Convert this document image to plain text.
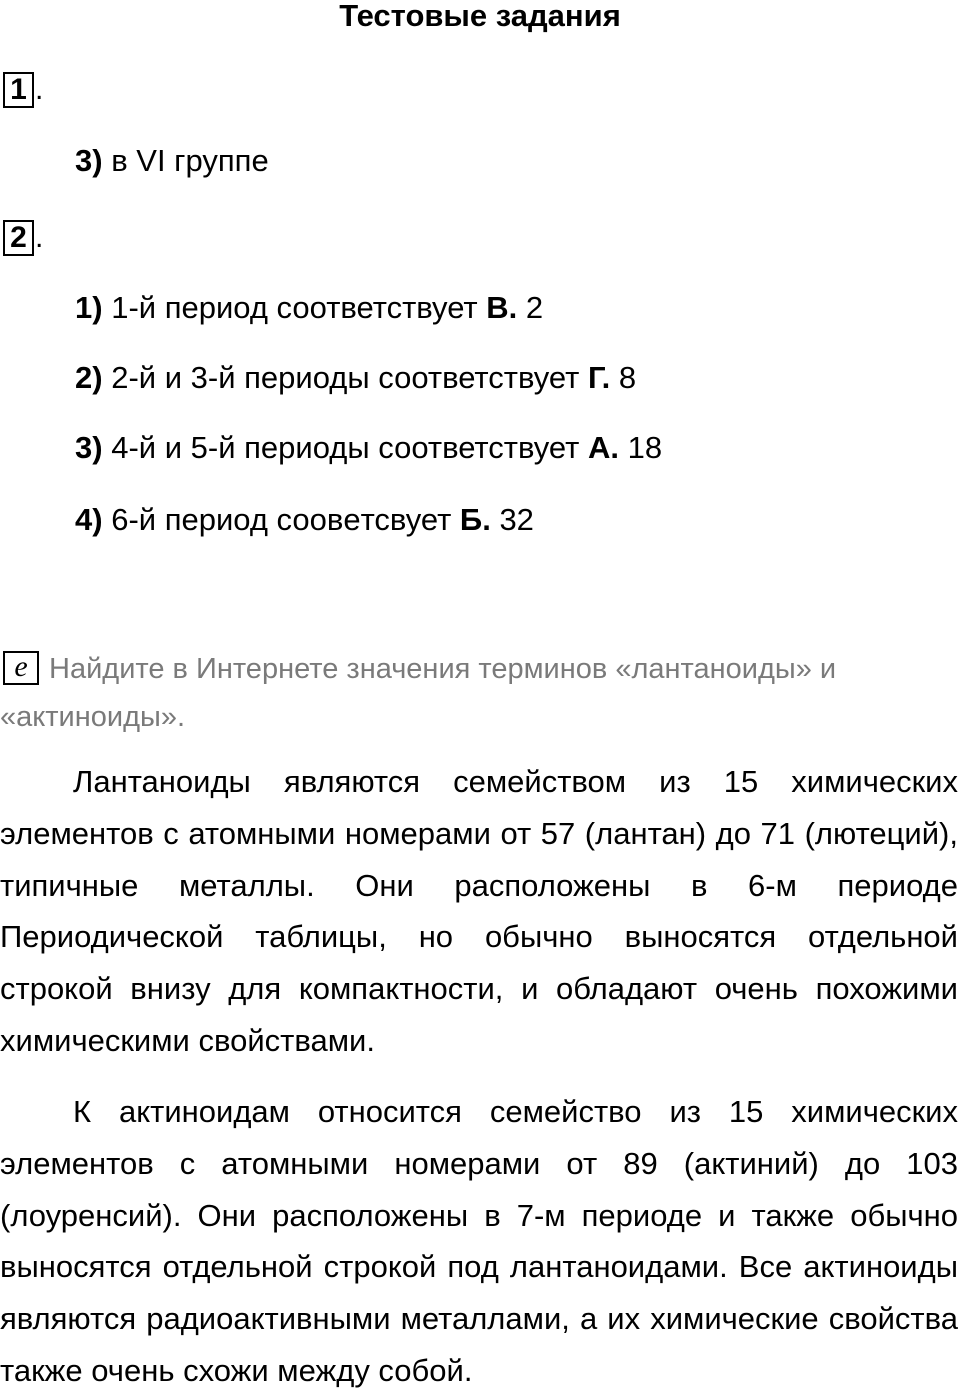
Тестовые задания
1 .
3) в VI группе
2 .
1) 1-й период соответствует В. 2
2) 2-й и 3-й периоды соответствует Г. 8
3) 4-й и 5-й периоды соответствует А. 18
4) 6-й период соовeтсвует Б. 32
e Найдите в Интернете значения терминов «лантаноиды» и «актиноиды».
Лантаноиды являются семейством из 15 химических элементов с атомными номерами от 57 (лантан) до 71 (лютеций), типичные металлы. Они расположены в 6-м периоде Периодической таблицы, но обычно выносятся отдельной строкой внизу для компактности, и обладают очень похожими химическими свойствами.
К актиноидам относится семейство из 15 химических элементов с атомными номерами от 89 (актиний) до 103 (лоуренсий). Они расположены в 7-м периоде и также обычно выносятся отдельной строкой под лантаноидами. Все актиноиды являются радиоактивными металлами, а их химические свойства также очень схожи между собой.
